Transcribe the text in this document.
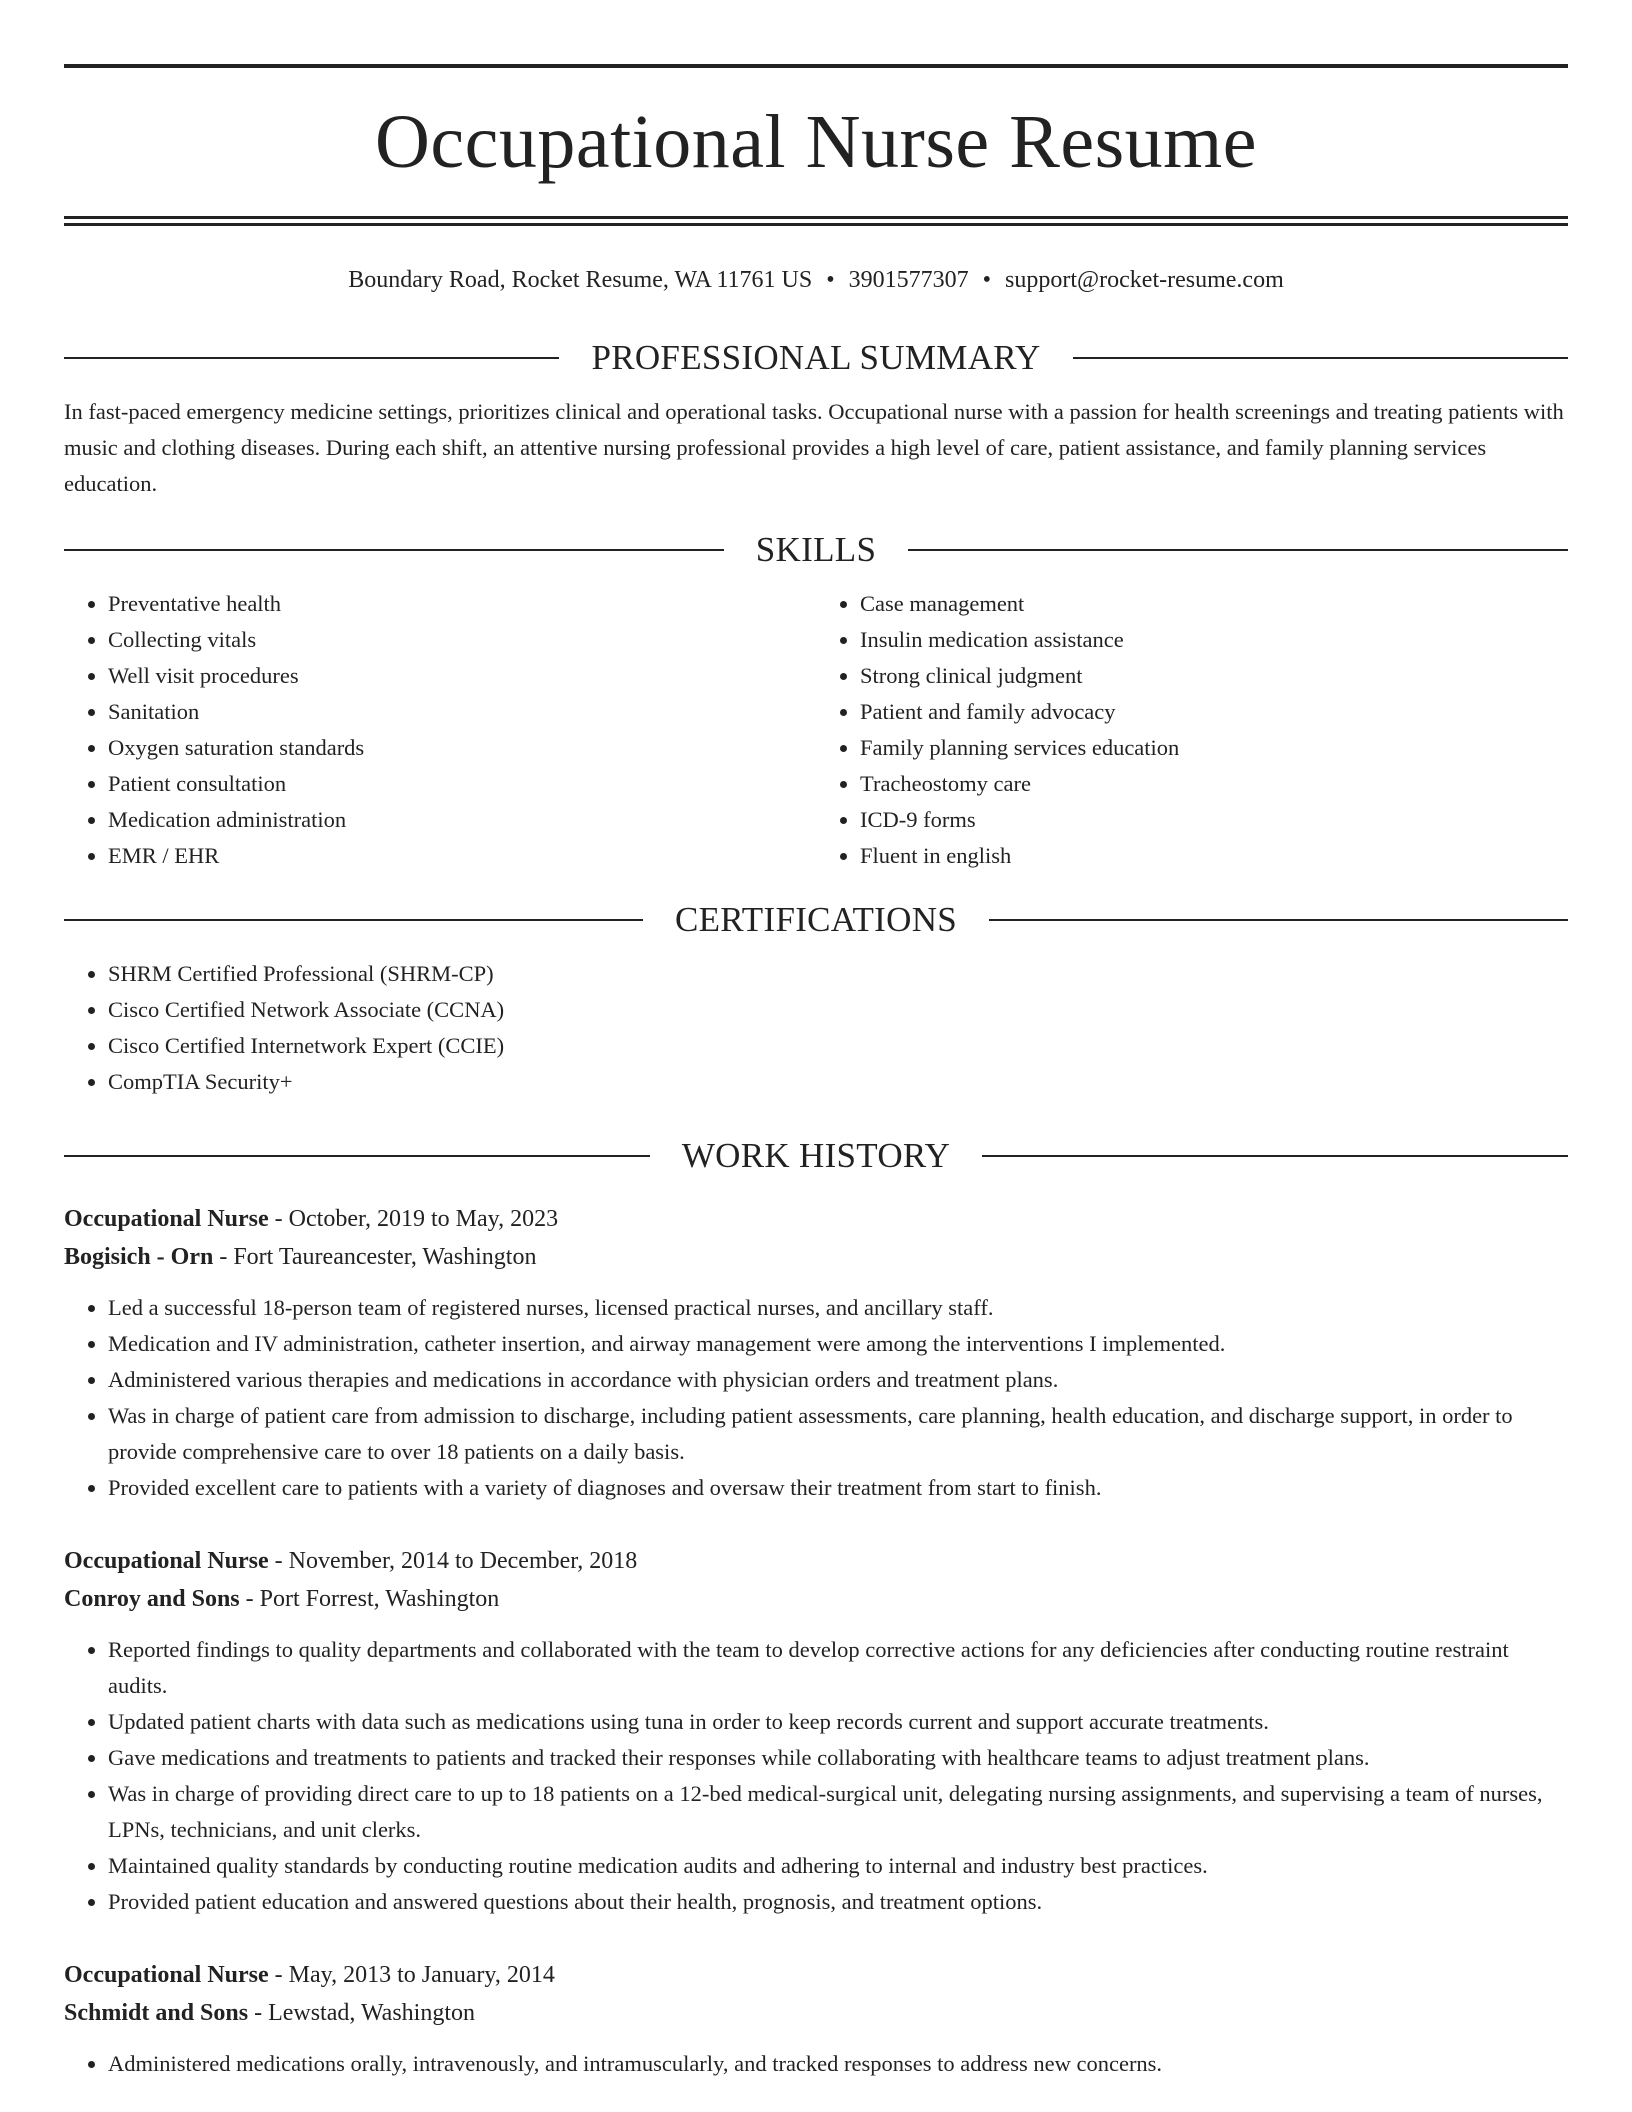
Occupational Nurse Resume
Boundary Road, Rocket Resume, WA 11761 US • 3901577307 • support@rocket-resume.com
PROFESSIONAL SUMMARY
In fast-paced emergency medicine settings, prioritizes clinical and operational tasks. Occupational nurse with a passion for health screenings and treating patients with music and clothing diseases. During each shift, an attentive nursing professional provides a high level of care, patient assistance, and family planning services education.
SKILLS
• Preventative health
• Collecting vitals
• Well visit procedures
• Sanitation
• Oxygen saturation standards
• Patient consultation
• Medication administration
• EMR / EHR
• Case management
• Insulin medication assistance
• Strong clinical judgment
• Patient and family advocacy
• Family planning services education
• Tracheostomy care
• ICD-9 forms
• Fluent in english
CERTIFICATIONS
• SHRM Certified Professional (SHRM-CP)
• Cisco Certified Network Associate (CCNA)
• Cisco Certified Internetwork Expert (CCIE)
• CompTIA Security+
WORK HISTORY
Occupational Nurse - October, 2019 to May, 2023
Bogisich - Orn - Fort Taureancester, Washington
• Led a successful 18-person team of registered nurses, licensed practical nurses, and ancillary staff.
• Medication and IV administration, catheter insertion, and airway management were among the interventions I implemented.
• Administered various therapies and medications in accordance with physician orders and treatment plans.
• Was in charge of patient care from admission to discharge, including patient assessments, care planning, health education, and discharge support, in order to provide comprehensive care to over 18 patients on a daily basis.
• Provided excellent care to patients with a variety of diagnoses and oversaw their treatment from start to finish.
Occupational Nurse - November, 2014 to December, 2018
Conroy and Sons - Port Forrest, Washington
• Reported findings to quality departments and collaborated with the team to develop corrective actions for any deficiencies after conducting routine restraint audits.
• Updated patient charts with data such as medications using tuna in order to keep records current and support accurate treatments.
• Gave medications and treatments to patients and tracked their responses while collaborating with healthcare teams to adjust treatment plans.
• Was in charge of providing direct care to up to 18 patients on a 12-bed medical-surgical unit, delegating nursing assignments, and supervising a team of nurses, LPNs, technicians, and unit clerks.
• Maintained quality standards by conducting routine medication audits and adhering to internal and industry best practices.
• Provided patient education and answered questions about their health, prognosis, and treatment options.
Occupational Nurse - May, 2013 to January, 2014
Schmidt and Sons - Lewstad, Washington
• Administered medications orally, intravenously, and intramuscularly, and tracked responses to address new concerns.
